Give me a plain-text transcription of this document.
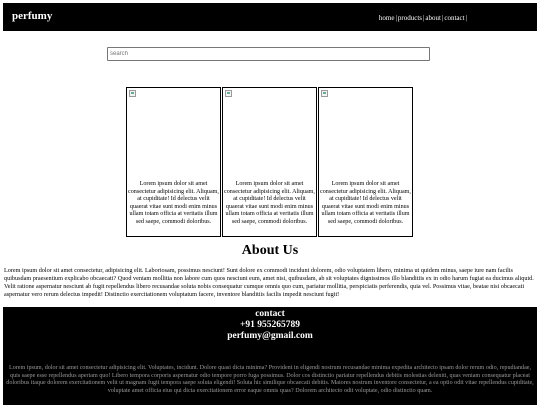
perfumy	home|products|about|contact|
search
Lorem ipsum dolor sit amet consectetur adipisicing elit. Aliquam, at cupiditate! Id delectus velit quaerat vitae sunt modi enim minus ullam totam officia at veritatis illum sed saepe, commodi doloribus.
Lorem ipsum dolor sit amet consectetur adipisicing elit. Aliquam, at cupiditate! Id delectus velit quaerat vitae sunt modi enim minus ullam totam officia at veritatis illum sed saepe, commodi doloribus.
Lorem ipsum dolor sit amet consectetur adipisicing elit. Aliquam, at cupiditate! Id delectus velit quaerat vitae sunt modi enim minus ullam totam officia at veritatis illum sed saepe, commodi doloribus.
About Us
Lorem ipsum dolor sit amet consectetur, adipisicing elit. Laboriosam, possimus nesciunt! Sunt dolore ex commodi incidunt dolorem, odio voluptatem libero, minima ut quidem minus, saepe iure nam facilis quibusdam praesentium explicabo obcaecati? Quod veniam mollitia non labore cum quos nesciunt eum, amet nisi, quibusdam, ab sit voluptates dignissimos illo blanditiis ex in odio harum fugiat ea ducimus aliquid. Velit ratione aspernatur nesciunt ab fugit repellendus libero recusandae soluta nobis consequatur cumque omnis quo cum, pariatur mollitia, perspiciatis perferendis, quia vel. Possimus vitae, beatae nisi obcaecati aspernatur vero rerum delectus impedit! Distinctio exercitationem voluptatum facere, inventore blanditiis facilis impedit nesciunt fugit!
contact
+91 955265789
perfumy@gmail.com
Lorem ipsum, dolor sit amet consectetur adipisicing elit. Voluptates, incidunt. Dolore quasi dicta minima? Provident in eligendi nostrum recusandae minima expedita architecto ipsam dolor rerum odio, repudiandae, quis saepe esse repellendus aperiam quo! Libero tempora corporis aspernatur odio tempore porro fuga possimus. Dolor cos distinctio pariatur repellendus debitis molestias deleniti, quas veniam consequatur placeat doloribus itaque dolorem exercitationem velit ut magnam fugit tempora saepe soluta eligendi! Soluta hic similique obcaecati debitis. Maiores nostrum inventore consectetur, a ea optio odit vitae repellendus cupiditate, voluptate amet officia eius qui dicta exercitationem error eaque omnis quas? Dolorem architecto odit voluptate, odio distinctio quam.
